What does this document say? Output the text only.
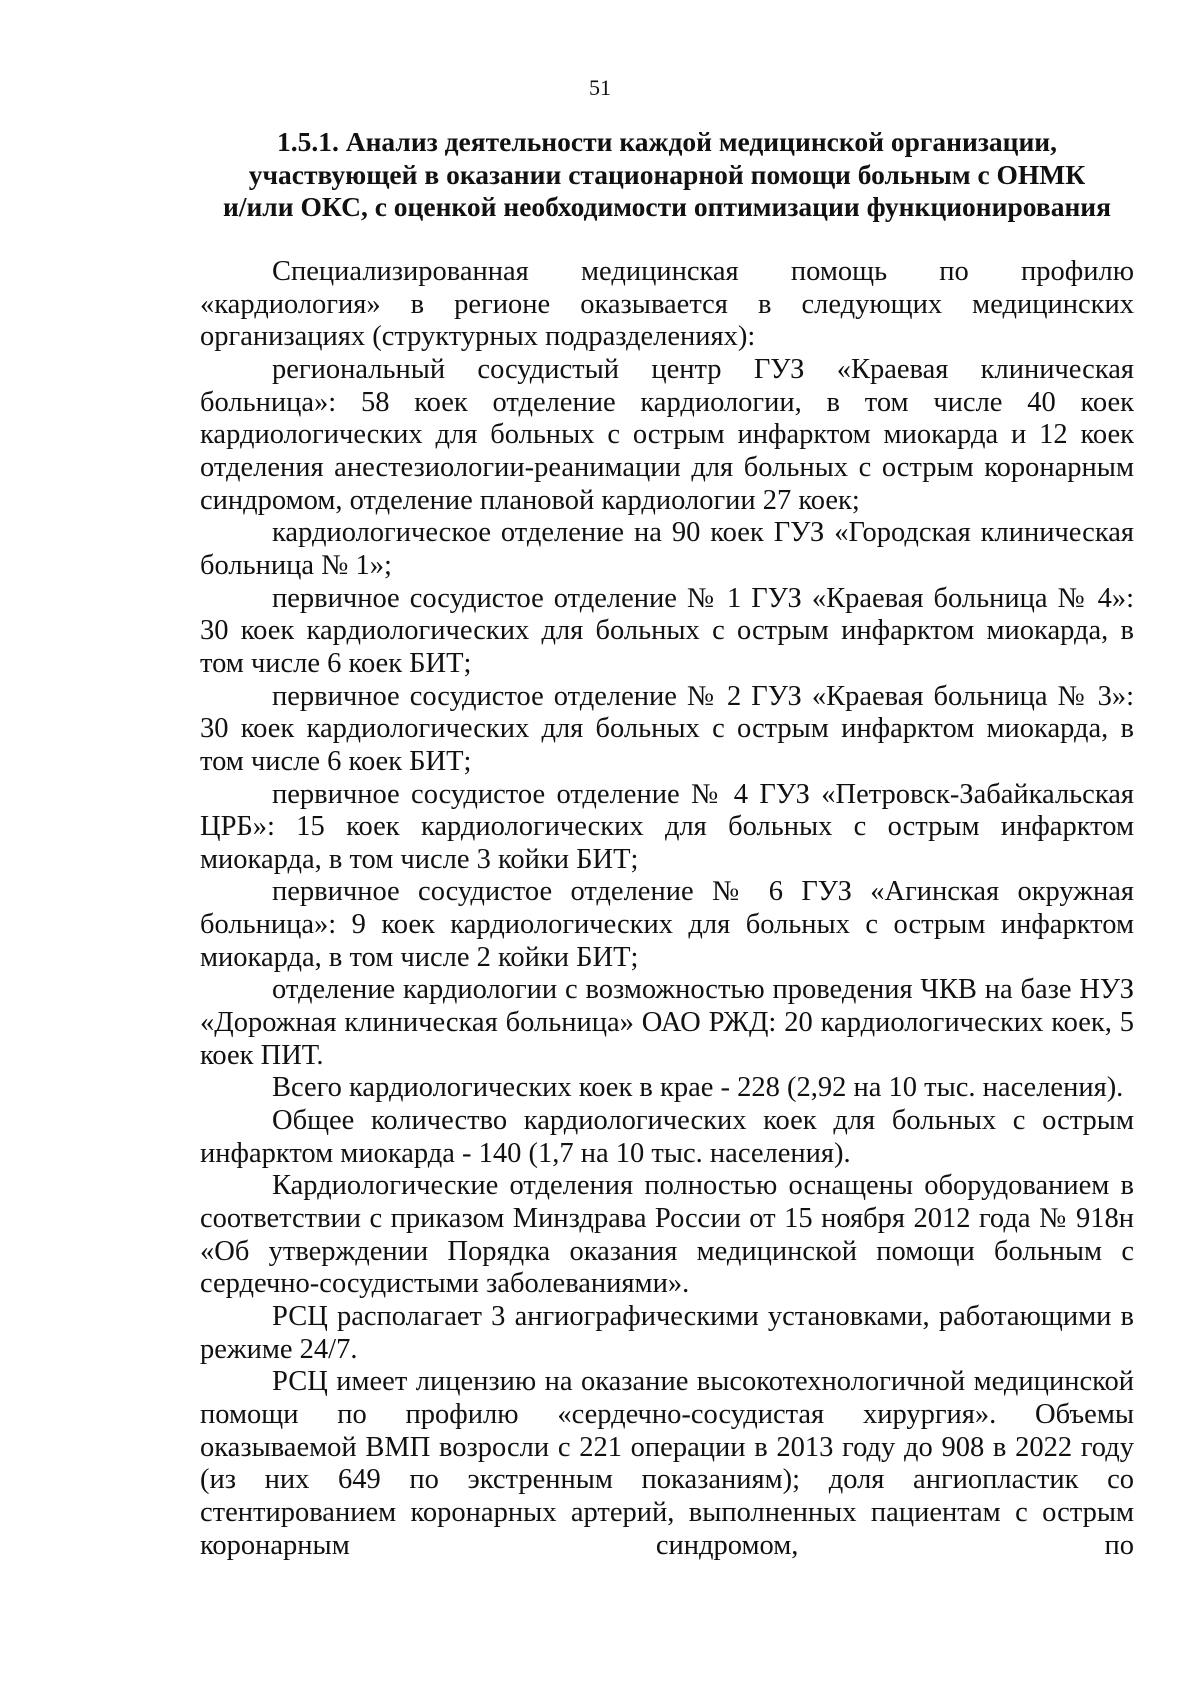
51
1.5.1. Анализ деятельности каждой медицинской организации,
участвующей в оказании стационарной помощи больным с ОНМК
и/или ОКС, с оценкой необходимости оптимизации функционирования

Специализированная медицинская помощь по профилю «кардиология» в регионе оказывается в следующих медицинских организациях (структурных подразделениях):

региональный сосудистый центр ГУЗ «Краевая клиническая больница»: 58 коек отделение кардиологии, в том числе 40 коек кардиологических для больных с острым инфарктом миокарда и 12 коек отделения анестезиологии-реанимации для больных с острым коронарным синдромом, отделение плановой кардиологии 27 коек;

кардиологическое отделение на 90 коек ГУЗ «Городская клиническая больница № 1»;

первичное сосудистое отделение № 1 ГУЗ «Краевая больница № 4»: 30 коек кардиологических для больных с острым инфарктом миокарда, в том числе 6 коек БИТ;

первичное сосудистое отделение № 2 ГУЗ «Краевая больница № 3»: 30 коек кардиологических для больных с острым инфарктом миокарда, в том числе 6 коек БИТ;

первичное сосудистое отделение № 4 ГУЗ «Петровск-Забайкальская ЦРБ»: 15 коек кардиологических для больных с острым инфарктом миокарда, в том числе 3 койки БИТ;

первичное сосудистое отделение № 6 ГУЗ «Агинская окружная больница»: 9 коек кардиологических для больных с острым инфарктом миокарда, в том числе 2 койки БИТ;

отделение кардиологии с возможностью проведения ЧКВ на базе НУЗ «Дорожная клиническая больница» ОАО РЖД: 20 кардиологических коек, 5 коек ПИТ.

Всего кардиологических коек в крае - 228 (2,92 на 10 тыс. населения).

Общее количество кардиологических коек для больных с острым инфарктом миокарда - 140 (1,7 на 10 тыс. населения).

Кардиологические отделения полностью оснащены оборудованием в соответствии с приказом Минздрава России от 15 ноября 2012 года № 918н «Об утверждении Порядка оказания медицинской помощи больным с сердечно-сосудистыми заболеваниями».

РСЦ располагает 3 ангиографическими установками, работающими в режиме 24/7.

РСЦ имеет лицензию на оказание высокотехнологичной медицинской помощи по профилю «сердечно-сосудистая хирургия». Объемы оказываемой ВМП возросли с 221 операции в 2013 году до 908 в 2022 году (из них 649 по экстренным показаниям); доля ангиопластик со стентированием коронарных артерий, выполненных пациентам с острым коронарным синдромом, по
